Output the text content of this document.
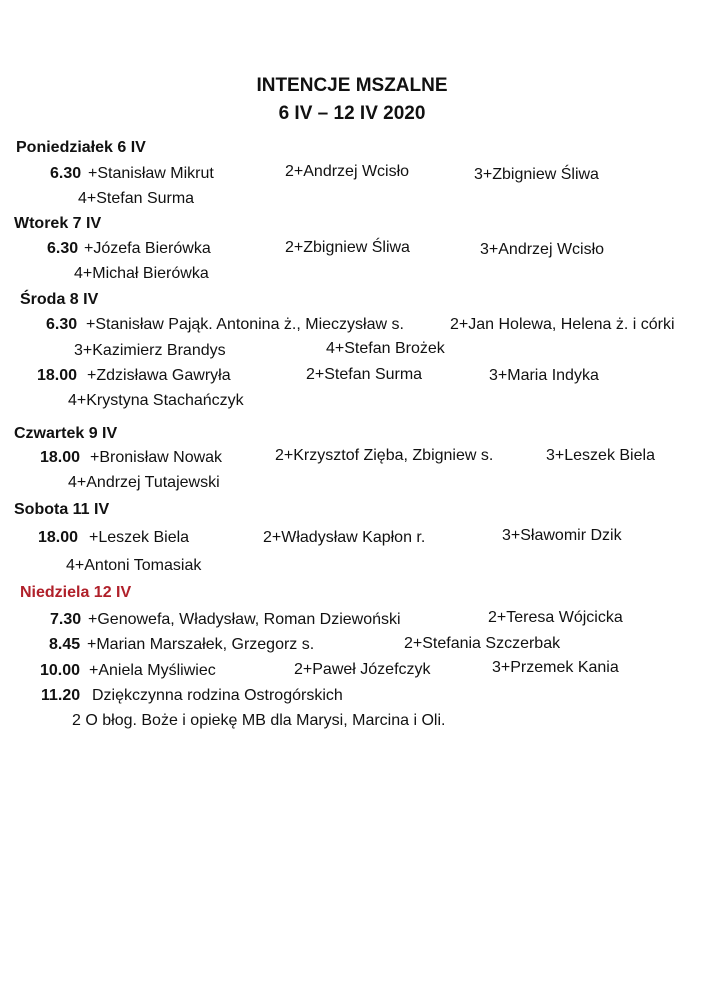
INTENCJE MSZALNE
6 IV – 12 IV 2020
Poniedziałek 6 IV
6.30 +Stanisław Mikrut	2+Andrzej Wcisło	3+Zbigniew Śliwa
4+Stefan Surma
Wtorek 7 IV
6.30 +Józefa Bierówka	2+Zbigniew Śliwa	3+Andrzej Wcisło
4+Michał Bierówka
Środa 8 IV
6.30 +Stanisław Pająk. Antonina ż., Mieczysław s.	2+Jan Holewa, Helena ż. i córki
3+Kazimierz Brandys	4+Stefan Brożek
18.00 +Zdzisława Gawryła	2+Stefan Surma	3+Maria Indyka
4+Krystyna Stachańczyk
Czwartek 9 IV
18.00 +Bronisław Nowak	2+Krzysztof Zięba, Zbigniew s.	3+Leszek Biela
4+Andrzej Tutajewski
Sobota 11 IV
18.00 +Leszek Biela	2+Władysław Kapłon r.	3+Sławomir Dzik
4+Antoni Tomasiak
Niedziela 12 IV
7.30 +Genowefa, Władysław, Roman Dziewoński	2+Teresa Wójcicka
8.45 +Marian Marszałek, Grzegorz s.	2+Stefania Szczerbak
10.00 +Aniela Myśliwiec	2+Paweł Józefczyk	3+Przemek Kania
11.20 Dziękczynna rodzina Ostrogórskich
2 O błog. Boże i opiekę MB dla Marysi, Marcina i Oli.
